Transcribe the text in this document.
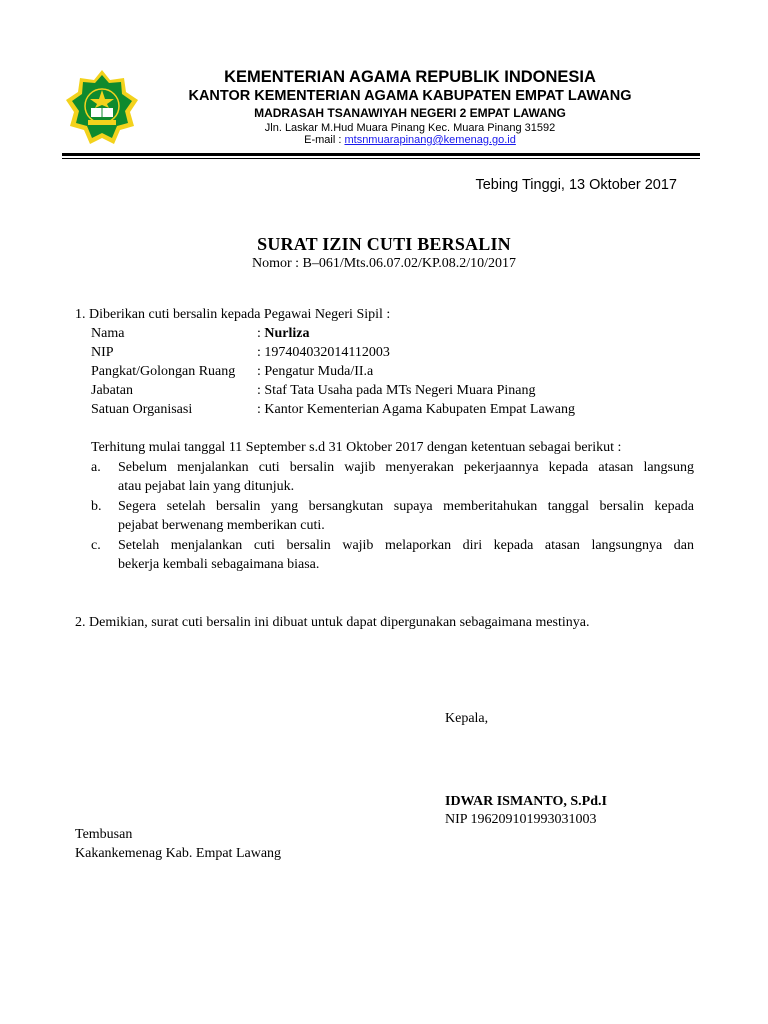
KEMENTERIAN AGAMA REPUBLIK INDONESIA
KANTOR KEMENTERIAN AGAMA KABUPATEN EMPAT LAWANG
MADRASAH TSANAWIYAH NEGERI 2 EMPAT LAWANG
Jln. Laskar M.Hud Muara Pinang Kec. Muara Pinang 31592
E-mail : mtsnmuarapinang@kemenag.go.id
Tebing Tinggi, 13 Oktober 2017
SURAT IZIN CUTI BERSALIN
Nomor : B–061/Mts.06.07.02/KP.08.2/10/2017
1. Diberikan cuti bersalin kepada Pegawai Negeri Sipil :
Nama	: Nurliza
NIP	: 197404032014112003
Pangkat/Golongan Ruang : Pengatur Muda/II.a
Jabatan	: Staf Tata Usaha pada MTs Negeri Muara Pinang
Satuan Organisasi	: Kantor Kementerian Agama Kabupaten Empat Lawang
Terhitung mulai tanggal 11 September s.d 31 Oktober 2017 dengan ketentuan sebagai berikut :
a. Sebelum menjalankan cuti bersalin wajib menyerakan pekerjaannya kepada atasan langsung
atau pejabat lain yang ditunjuk.
b. Segera setelah bersalin yang bersangkutan supaya memberitahukan tanggal bersalin kepada
pejabat berwenang memberikan cuti.
c. Setelah menjalankan cuti bersalin wajib melaporkan diri kepada atasan langsungnya dan
bekerja kembali sebagaimana biasa.
2. Demikian, surat cuti bersalin ini dibuat untuk dapat dipergunakan sebagaimana mestinya.
Kepala,
IDWAR ISMANTO, S.Pd.I
NIP 196209101993031003
Tembusan
Kakankemenag Kab. Empat Lawang
